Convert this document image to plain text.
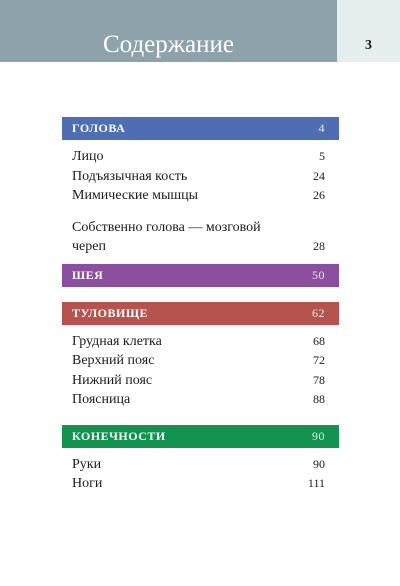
Содержание	3
ГОЛОВА	4
Лицо	5
Подъязычная кость	24
Мимические мышцы	26
Собственно голова — мозговой череп	28
ШЕЯ	50
ТУЛОВИЩЕ	62
Грудная клетка	68
Верхний пояс	72
Нижний пояс	78
Поясница	88
КОНЕЧНОСТИ	90
Руки	90
Ноги	111
